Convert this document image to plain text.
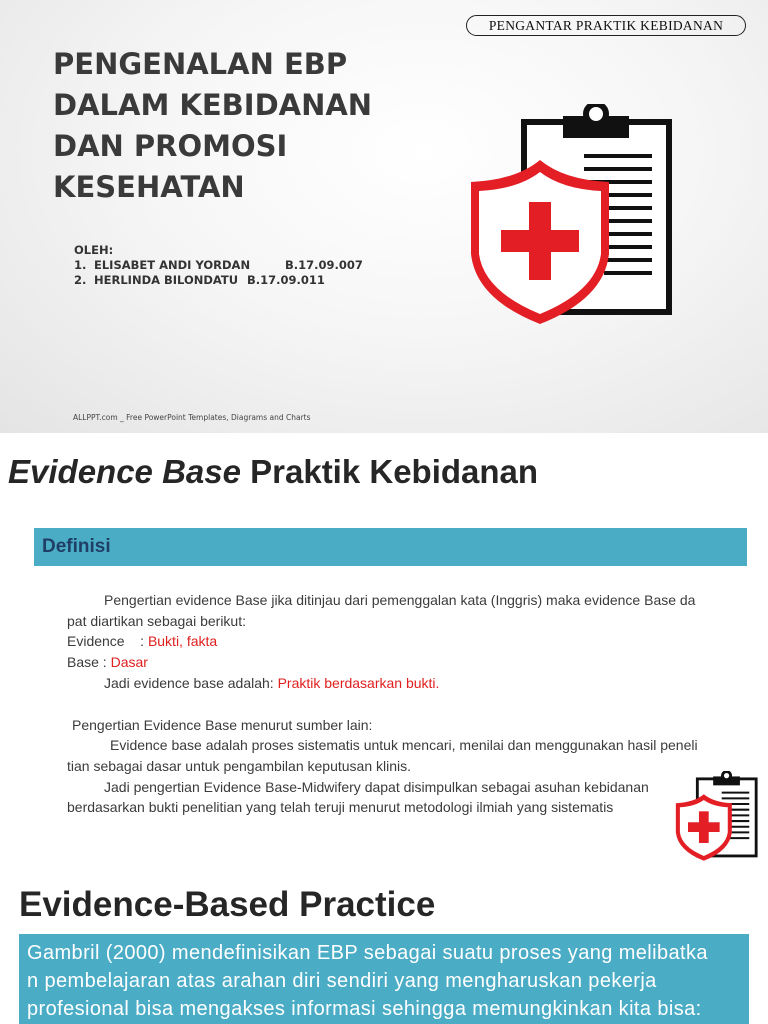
PENGANTAR PRAKTIK KEBIDANAN
PENGENALAN EBP
DALAM KEBIDANAN
DAN PROMOSI
KESEHATAN
OLEH:
1. ELISABET ANDI YORDAN	B.17.09.007
2. HERLINDA BILONDATU B.17.09.011
ALLPPT.com _ Free PowerPoint Templates, Diagrams and Charts
Evidence Base Praktik Kebidanan
Definisi

Pengertian evidence Base jika ditinjau dari pemenggalan kata (Inggris) maka evidence Base da

pat diartikan sebagai berikut:

Evidence    : Bukti, fakta

Base : Dasar

Jadi evidence base adalah: Praktik berdasarkan bukti.

Pengertian Evidence Base menurut sumber lain:

Evidence base adalah proses sistematis untuk mencari, menilai dan menggunakan hasil peneli

tian sebagai dasar untuk pengambilan keputusan klinis.

Jadi pengertian Evidence Base-Midwifery dapat disimpulkan sebagai asuhan kebidanan

berdasarkan bukti penelitian yang telah teruji menurut metodologi ilmiah yang sistematis

Evidence-Based Practice
Gambril (2000) mendefinisikan EBP sebagai suatu proses yang melibatka
n pembelajaran atas arahan diri sendiri yang mengharuskan pekerja
profesional bisa mengakses informasi sehingga memungkinkan kita bisa:
